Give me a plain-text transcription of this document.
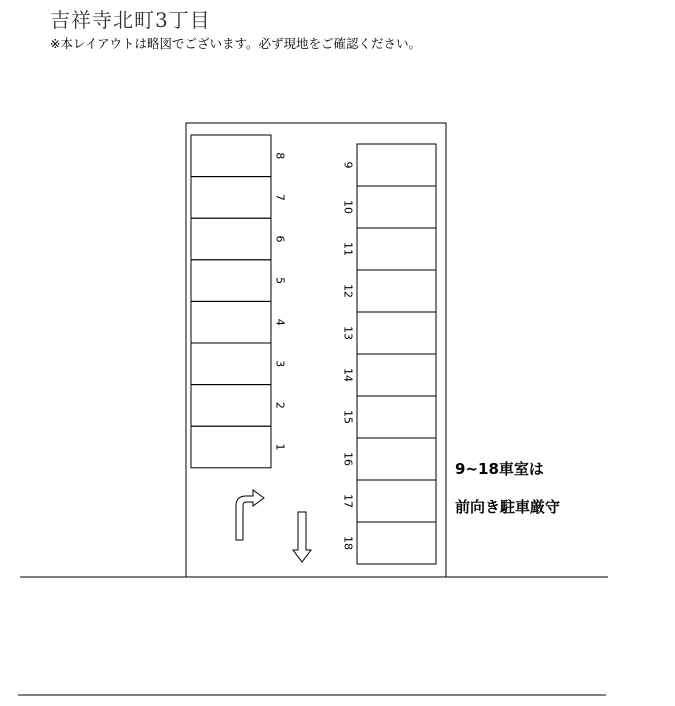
吉祥寺北町3丁目
※本レイアウトは略図でございます。必ず現地をご確認ください。
8
7
6
5
4
3
2
1
9
10
11
12
13
14
15
16
17
18
9~18車室は
前向き駐車厳守
